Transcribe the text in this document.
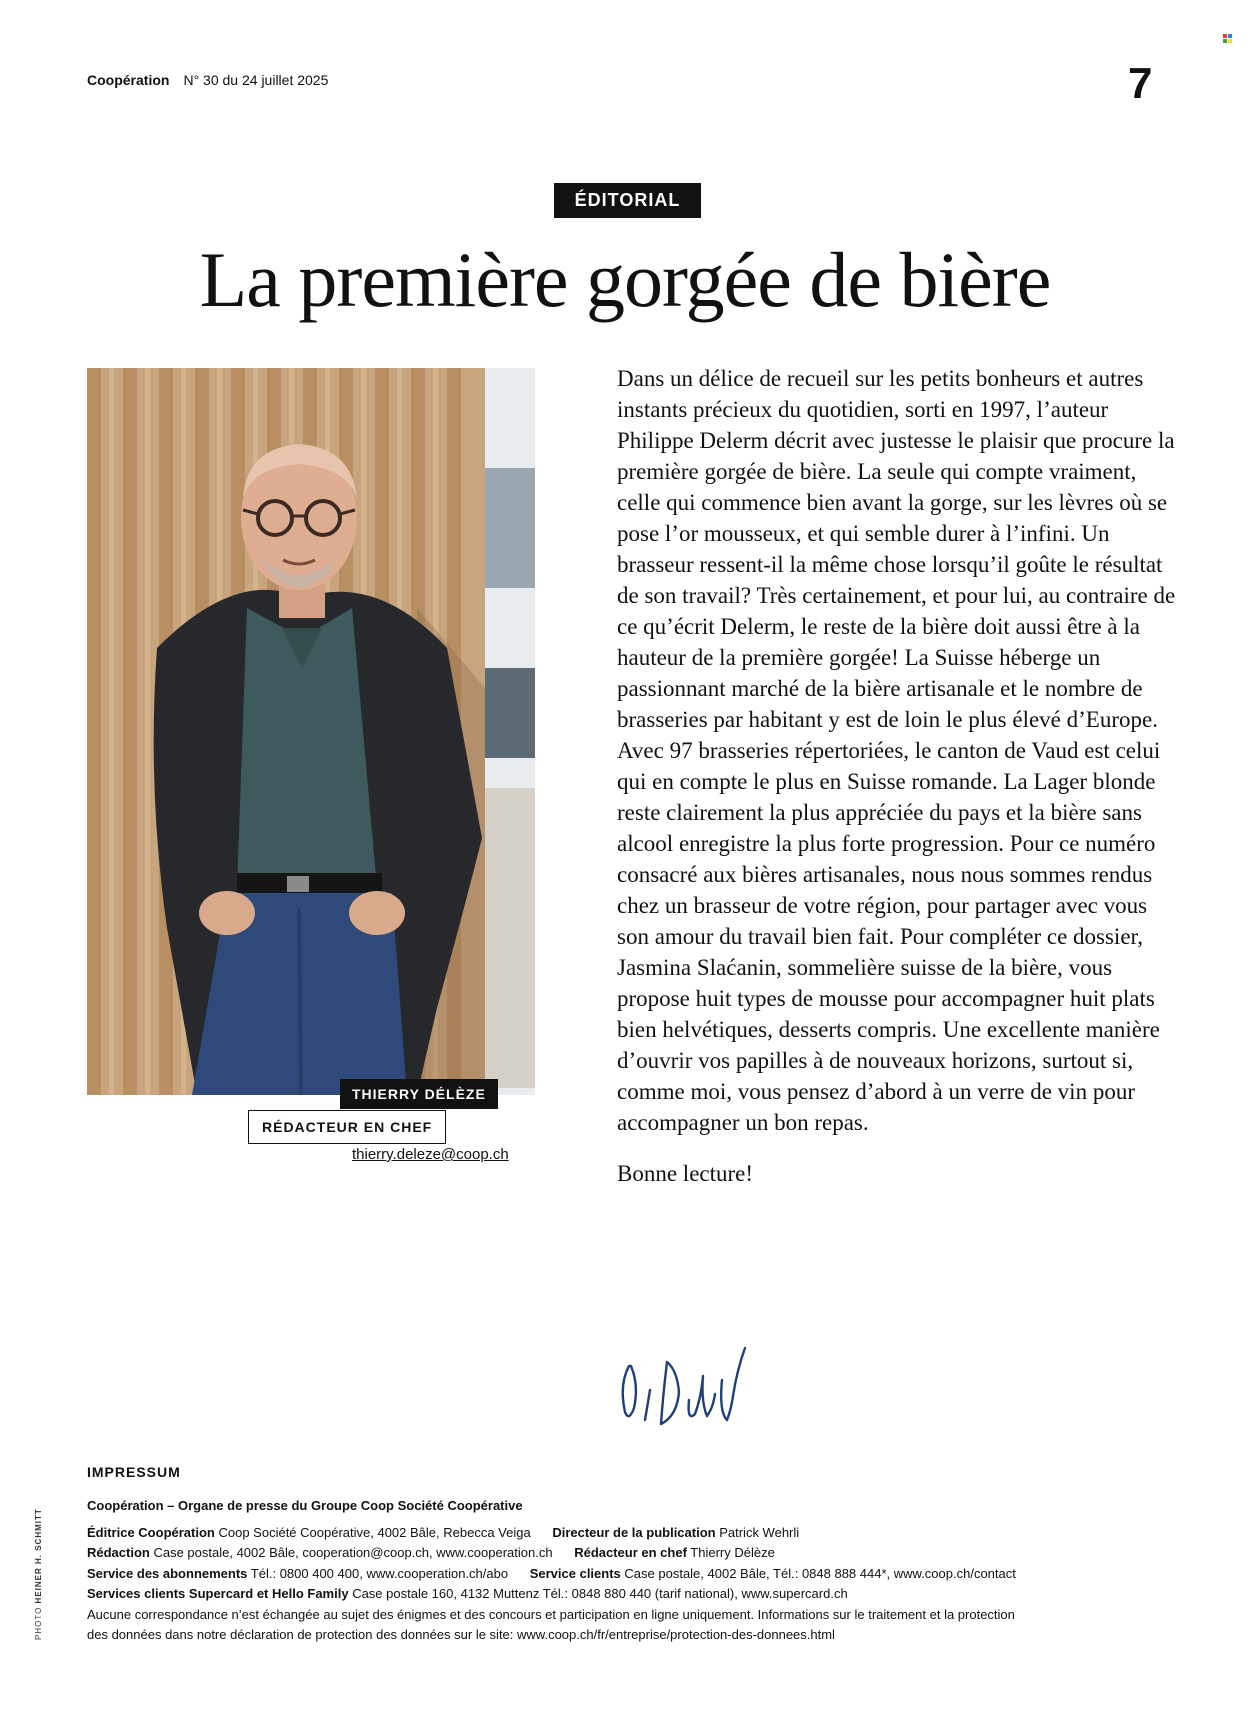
Coopération N° 30 du 24 juillet 2025	7
ÉDITORIAL
La première gorgée de bière
THIERRY DÉLÈZE
RÉDACTEUR EN CHEF
thierry.deleze@coop.ch

Dans un délice de recueil sur les petits bonheurs et autres instants précieux du quotidien, sorti en 1997, l’auteur Philippe Delerm décrit avec justesse le plaisir que procure la première gorgée de bière. La seule qui compte vraiment, celle qui commence bien avant la gorge, sur les lèvres où se pose l’or mousseux, et qui semble durer à l’infini. Un brasseur ressent-il la même chose lorsqu’il goûte le résultat de son travail? Très certainement, et pour lui, au contraire de ce qu’écrit Delerm, le reste de la bière doit aussi être à la hauteur de la première gorgée! La Suisse héberge un passionnant marché de la bière artisanale et le nombre de brasseries par habitant y est de loin le plus élevé d’Europe. Avec 97 brasseries répertoriées, le canton de Vaud est celui qui en compte le plus en Suisse romande. La Lager blonde reste clairement la plus appréciée du pays et la bière sans alcool enregistre la plus forte progression. Pour ce numéro consacré aux bières artisanales, nous nous sommes rendus chez un brasseur de votre région, pour partager avec vous son amour du travail bien fait. Pour compléter ce dossier, Jasmina Slaćanin, sommelière suisse de la bière, vous propose huit types de mousse pour accompagner huit plats bien helvétiques, desserts compris. Une excellente manière d’ouvrir vos papilles à de nouveaux horizons, surtout si, comme moi, vous pensez d’abord à un verre de vin pour accompagner un bon repas.

Bonne lecture!

IMPRESSUM

Coopération – Organe de presse du Groupe Coop Société Coopérative

Éditrice Coopération Coop Société Coopérative, 4002 Bâle, Rebecca Veiga Directeur de la publication Patrick Wehrli

Rédaction Case postale, 4002 Bâle, cooperation@coop.ch, www.cooperation.ch Rédacteur en chef Thierry Délèze

Service des abonnements Tél.: 0800 400 400, www.cooperation.ch/abo Service clients Case postale, 4002 Bâle, Tél.: 0848 888 444*, www.coop.ch/contact

Services clients Supercard et Hello Family Case postale 160, 4132 Muttenz Tél.: 0848 880 440 (tarif national), www.supercard.ch

Aucune correspondance n’est échangée au sujet des énigmes et des concours et participation en ligne uniquement. Informations sur le traitement et la protection

des données dans notre déclaration de protection des données sur le site: www.coop.ch/fr/entreprise/protection-des-donnees.html

PHOTO HEINER H. SCHMITT
